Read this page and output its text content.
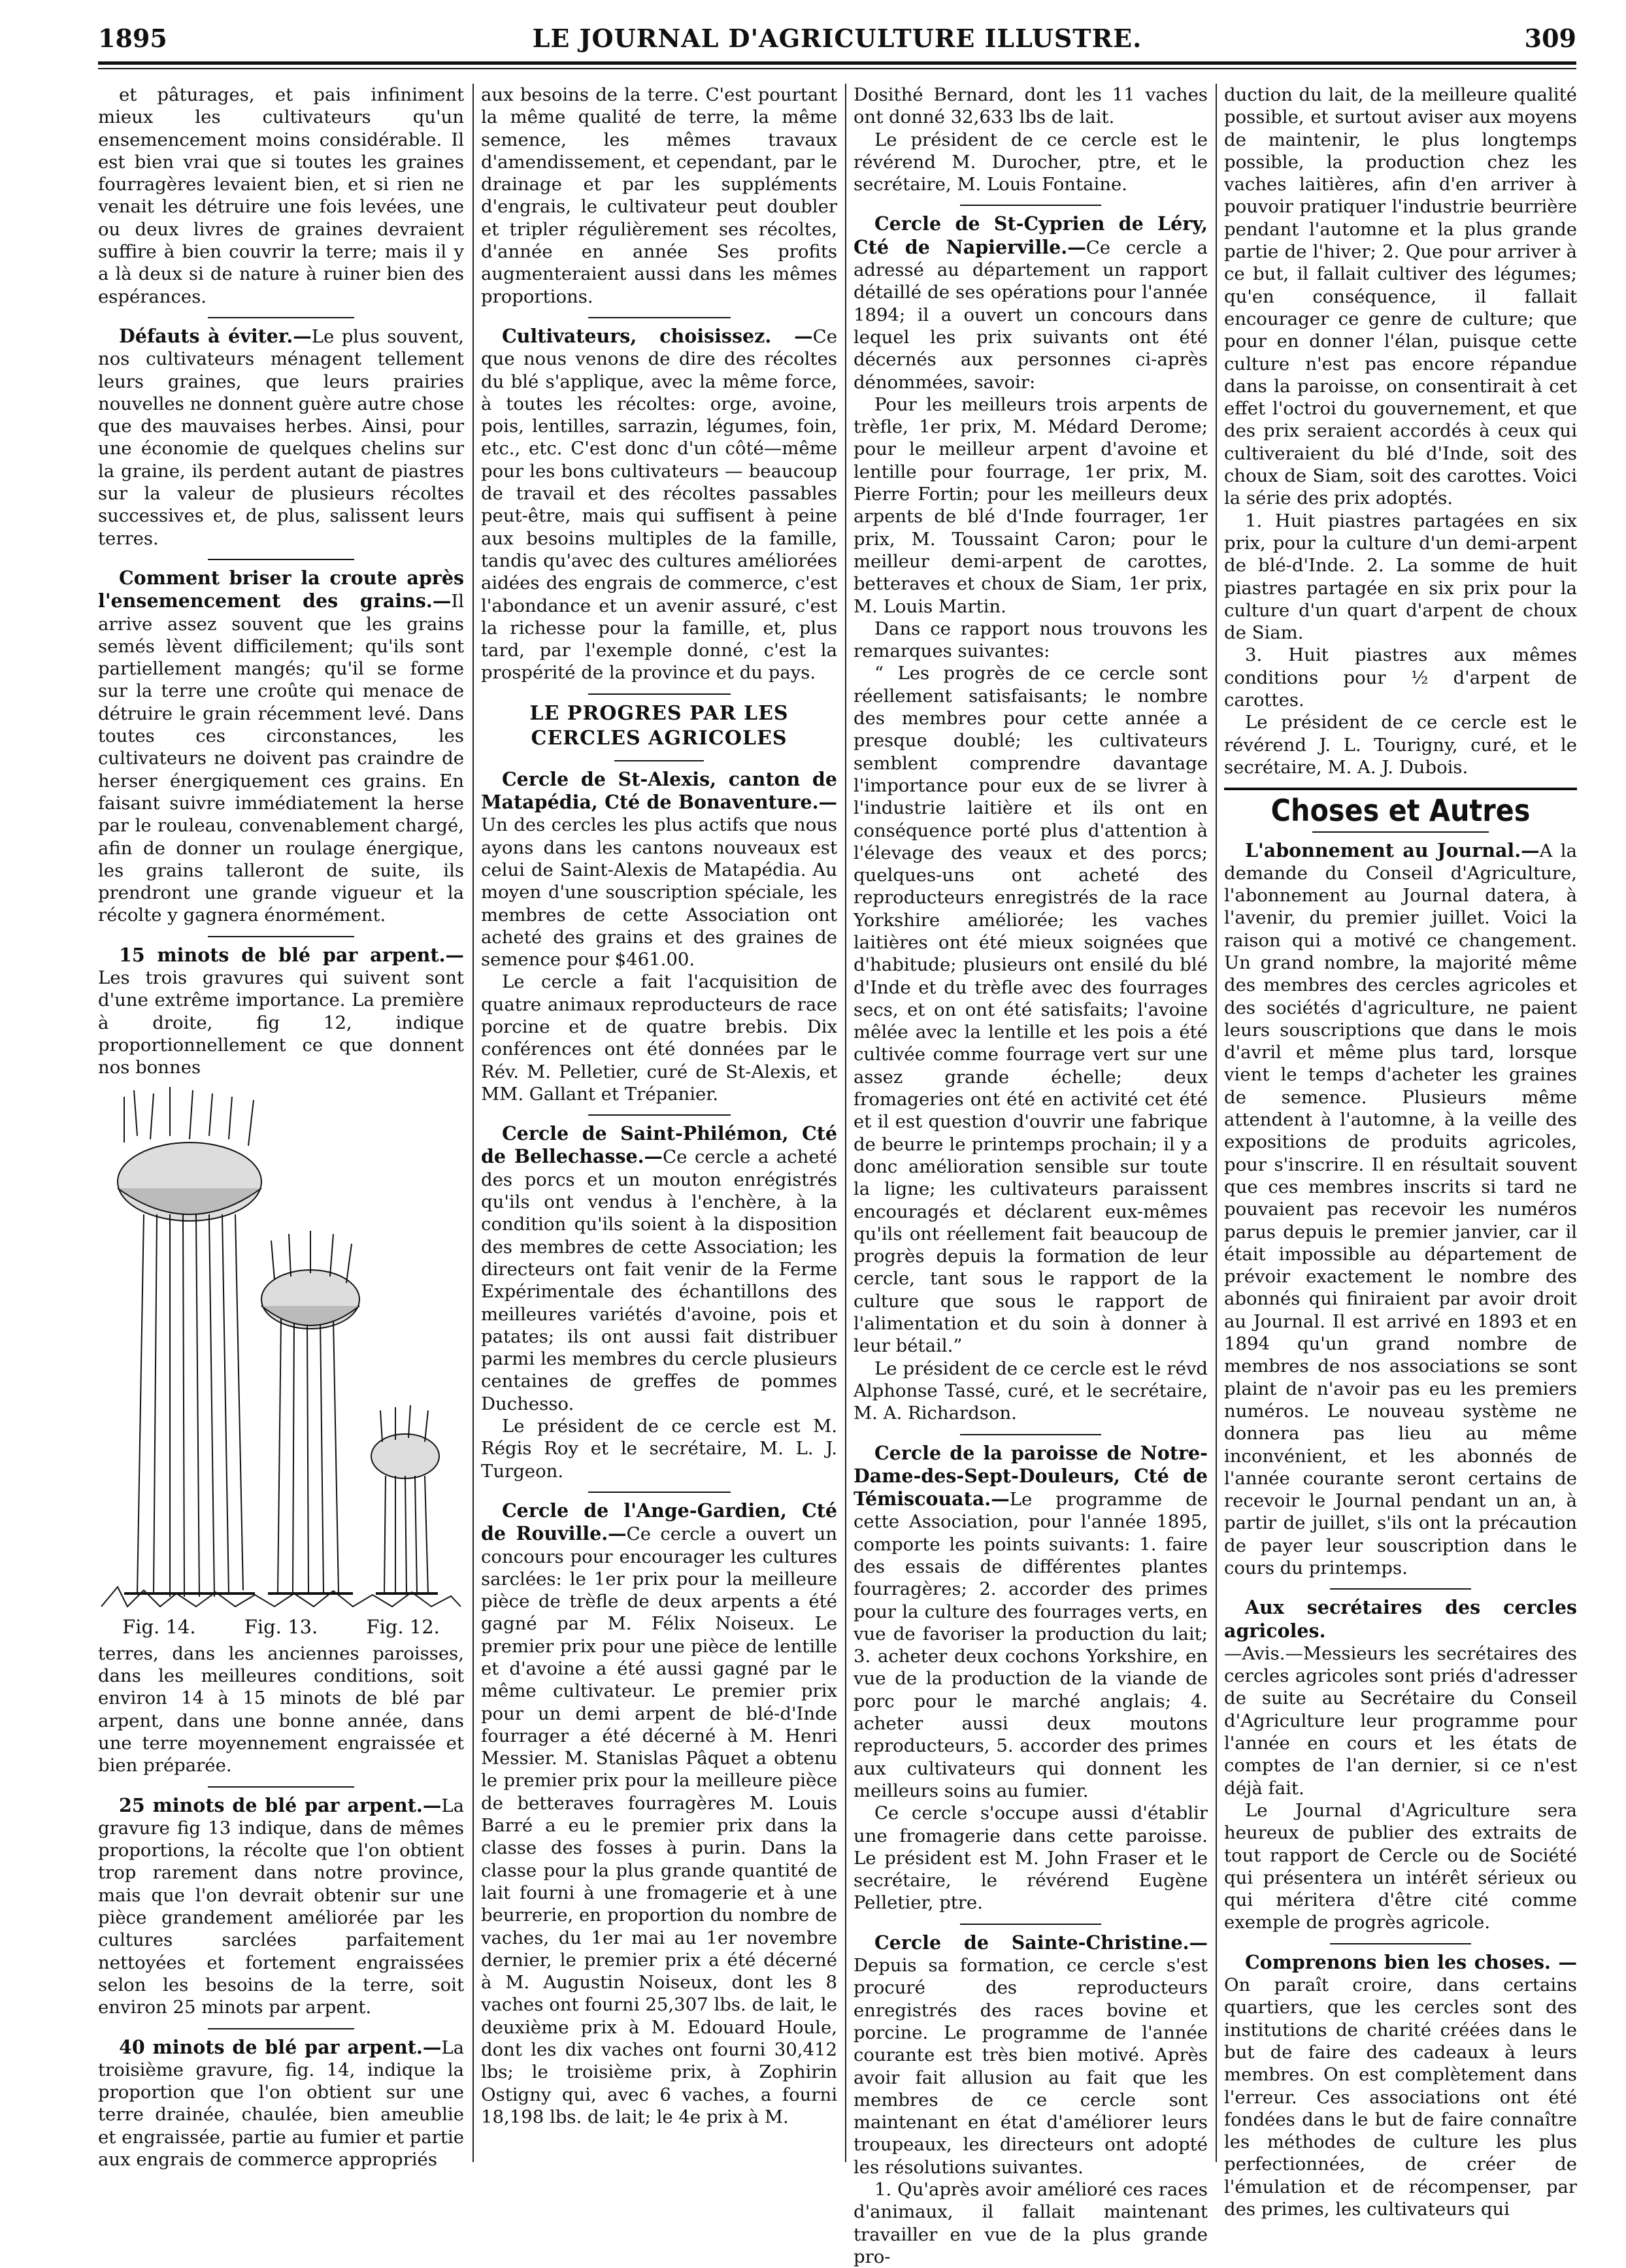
1895	LE JOURNAL D'AGRICULTURE ILLUSTRE.	309

et pâturages, et pais infiniment mieux les cultivateurs qu'un ensemencement moins considérable. Il est bien vrai que si toutes les graines fourragères levaient bien, et si rien ne venait les détruire une fois levées, une ou deux livres de graines devraient suffire à bien couvrir la terre; mais il y a là deux si de nature à ruiner bien des espérances.

Défauts à éviter.—Le plus souvent, nos cultivateurs ménagent tellement leurs graines, que leurs prairies nouvelles ne donnent guère autre chose que des mauvaises herbes. Ainsi, pour une économie de quelques chelins sur la graine, ils perdent autant de piastres sur la valeur de plusieurs récoltes successives et, de plus, salissent leurs terres.

Comment briser la croute après l'ensemencement des grains.—Il arrive assez souvent que les grains semés lèvent difficilement; qu'ils sont partiellement mangés; qu'il se forme sur la terre une croûte qui menace de détruire le grain récemment levé. Dans toutes ces circonstances, les cultivateurs ne doivent pas craindre de herser énergiquement ces grains. En faisant suivre immédiatement la herse par le rouleau, convenablement chargé, afin de donner un roulage énergique, les grains talleront de suite, ils prendront une grande vigueur et la récolte y gagnera énormément.

15 minots de blé par arpent.—Les trois gravures qui suivent sont d'une extrême importance. La première à droite, fig 12, indique proportionnellement ce que donnent nos bonnes

Fig. 14.	Fig. 13.	Fig. 12.

terres, dans les anciennes paroisses, dans les meilleures conditions, soit environ 14 à 15 minots de blé par arpent, dans une bonne année, dans une terre moyennement engraissée et bien préparée.

25 minots de blé par arpent.—La gravure fig 13 indique, dans de mêmes proportions, la récolte que l'on obtient trop rarement dans notre province, mais que l'on devrait obtenir sur une pièce grandement améliorée par les cultures sarclées parfaitement nettoyées et fortement engraissées selon les besoins de la terre, soit environ 25 minots par arpent.

40 minots de blé par arpent.—La troisième gravure, fig. 14, indique la proportion que l'on obtient sur une terre drainée, chaulée, bien ameublie et engraissée, partie au fumier et partie aux engrais de commerce appropriés

aux besoins de la terre. C'est pourtant la même qualité de terre, la même semence, les mêmes travaux d'amendissement, et cependant, par le drainage et par les suppléments d'engrais, le cultivateur peut doubler et tripler régulièrement ses récoltes, d'année en année Ses profits augmenteraient aussi dans les mêmes proportions.

Cultivateurs, choisissez. —Ce que nous venons de dire des récoltes du blé s'applique, avec la même force, à toutes les récoltes: orge, avoine, pois, lentilles, sarrazin, légumes, foin, etc., etc. C'est donc d'un côté—même pour les bons cultivateurs — beaucoup de travail et des récoltes passables peut-être, mais qui suffisent à peine aux besoins multiples de la famille, tandis qu'avec des cultures améliorées aidées des engrais de commerce, c'est l'abondance et un avenir assuré, c'est la richesse pour la famille, et, plus tard, par l'exemple donné, c'est la prospérité de la province et du pays.

LE PROGRES PAR LES CERCLES AGRICOLES

Cercle de St-Alexis, canton de Matapédia, Cté de Bonaventure.—Un des cercles les plus actifs que nous ayons dans les cantons nouveaux est celui de Saint-Alexis de Matapédia. Au moyen d'une souscription spéciale, les membres de cette Association ont acheté des grains et des graines de semence pour $461.00.

Le cercle a fait l'acquisition de quatre animaux reproducteurs de race porcine et de quatre brebis. Dix conférences ont été données par le Rév. M. Pelletier, curé de St-Alexis, et MM. Gallant et Trépanier.

Cercle de Saint-Philémon, Cté de Bellechasse.—Ce cercle a acheté des porcs et un mouton enrégistrés qu'ils ont vendus à l'enchère, à la condition qu'ils soient à la disposition des membres de cette Association; les directeurs ont fait venir de la Ferme Expérimentale des échantillons des meilleures variétés d'avoine, pois et patates; ils ont aussi fait distribuer parmi les membres du cercle plusieurs centaines de greffes de pommes Duchesso.

Le président de ce cercle est M. Régis Roy et le secrétaire, M. L. J. Turgeon.

Cercle de l'Ange-Gardien, Cté de Rouville.—Ce cercle a ouvert un concours pour encourager les cultures sarclées: le 1er prix pour la meilleure pièce de trèfle de deux arpents a été gagné par M. Félix Noiseux. Le premier prix pour une pièce de lentille et d'avoine a été aussi gagné par le même cultivateur. Le premier prix pour un demi arpent de blé-d'Inde fourrager a été décerné à M. Henri Messier. M. Stanislas Pâquet a obtenu le premier prix pour la meilleure pièce de betteraves fourragères M. Louis Barré a eu le premier prix dans la classe des fosses à purin. Dans la classe pour la plus grande quantité de lait fourni à une fromagerie et à une beurrerie, en proportion du nombre de vaches, du 1er mai au 1er novembre dernier, le premier prix a été décerné à M. Augustin Noiseux, dont les 8 vaches ont fourni 25,307 lbs. de lait, le deuxième prix à M. Edouard Houle, dont les dix vaches ont fourni 30,412 lbs; le troisième prix, à Zophirin Ostigny qui, avec 6 vaches, a fourni 18,198 lbs. de lait; le 4e prix à M.

Dosithé Bernard, dont les 11 vaches ont donné 32,633 lbs de lait.

Le président de ce cercle est le révérend M. Durocher, ptre, et le secrétaire, M. Louis Fontaine.

Cercle de St-Cyprien de Léry, Cté de Napierville.—Ce cercle a adressé au département un rapport détaillé de ses opérations pour l'année 1894; il a ouvert un concours dans lequel les prix suivants ont été décernés aux personnes ci-après dénommées, savoir:

Pour les meilleurs trois arpents de trèfle, 1er prix, M. Médard Derome; pour le meilleur arpent d'avoine et lentille pour fourrage, 1er prix, M. Pierre Fortin; pour les meilleurs deux arpents de blé d'Inde fourrager, 1er prix, M. Toussaint Caron; pour le meilleur demi-arpent de carottes, betteraves et choux de Siam, 1er prix, M. Louis Martin.

Dans ce rapport nous trouvons les remarques suivantes:

“ Les progrès de ce cercle sont réellement satisfaisants; le nombre des membres pour cette année a presque doublé; les cultivateurs semblent comprendre davantage l'importance pour eux de se livrer à l'industrie laitière et ils ont en conséquence porté plus d'attention à l'élevage des veaux et des porcs; quelques-uns ont acheté des reproducteurs enregistrés de la race Yorkshire améliorée; les vaches laitières ont été mieux soignées que d'habitude; plusieurs ont ensilé du blé d'Inde et du trèfle avec des fourrages secs, et on ont été satisfaits; l'avoine mêlée avec la lentille et les pois a été cultivée comme fourrage vert sur une assez grande échelle; deux fromageries ont été en activité cet été et il est question d'ouvrir une fabrique de beurre le printemps prochain; il y a donc amélioration sensible sur toute la ligne; les cultivateurs paraissent encouragés et déclarent eux-mêmes qu'ils ont réellement fait beaucoup de progrès depuis la formation de leur cercle, tant sous le rapport de la culture que sous le rapport de l'alimentation et du soin à donner à leur bétail.”

Le président de ce cercle est le révd Alphonse Tassé, curé, et le secrétaire, M. A. Richardson.

Cercle de la paroisse de Notre-Dame-des-Sept-Douleurs, Cté de Témiscouata.—Le programme de cette Association, pour l'année 1895, comporte les points suivants: 1. faire des essais de différentes plantes fourragères; 2. accorder des primes pour la culture des fourrages verts, en vue de favoriser la production du lait; 3. acheter deux cochons Yorkshire, en vue de la production de la viande de porc pour le marché anglais; 4. acheter aussi deux moutons reproducteurs, 5. accorder des primes aux cultivateurs qui donnent les meilleurs soins au fumier.

Ce cercle s'occupe aussi d'établir une fromagerie dans cette paroisse. Le président est M. John Fraser et le secrétaire, le révérend Eugène Pelletier, ptre.

Cercle de Sainte-Christine.—Depuis sa formation, ce cercle s'est procuré des reproducteurs enregistrés des races bovine et porcine. Le programme de l'année courante est très bien motivé. Après avoir fait allusion au fait que les membres de ce cercle sont maintenant en état d'améliorer leurs troupeaux, les directeurs ont adopté les résolutions suivantes.

1. Qu'après avoir amélioré ces races d'animaux, il fallait maintenant travailler en vue de la plus grande pro-

duction du lait, de la meilleure qualité possible, et surtout aviser aux moyens de maintenir, le plus longtemps possible, la production chez les vaches laitières, afin d'en arriver à pouvoir pratiquer l'industrie beurrière pendant l'automne et la plus grande partie de l'hiver; 2. Que pour arriver à ce but, il fallait cultiver des légumes; qu'en conséquence, il fallait encourager ce genre de culture; que pour en donner l'élan, puisque cette culture n'est pas encore répandue dans la paroisse, on consentirait à cet effet l'octroi du gouvernement, et que des prix seraient accordés à ceux qui cultiveraient du blé d'Inde, soit des choux de Siam, soit des carottes. Voici la série des prix adoptés.

1. Huit piastres partagées en six prix, pour la culture d'un demi-arpent de blé-d'Inde. 2. La somme de huit piastres partagée en six prix pour la culture d'un quart d'arpent de choux de Siam.

3. Huit piastres aux mêmes conditions pour ½ d'arpent de carottes.

Le président de ce cercle est le révérend J. L. Tourigny, curé, et le secrétaire, M. A. J. Dubois.

Choses et Autres

L'abonnement au Journal.—A la demande du Conseil d'Agriculture, l'abonnement au Journal datera, à l'avenir, du premier juillet. Voici la raison qui a motivé ce changement. Un grand nombre, la majorité même des membres des cercles agricoles et des sociétés d'agriculture, ne paient leurs souscriptions que dans le mois d'avril et même plus tard, lorsque vient le temps d'acheter les graines de semence. Plusieurs même attendent à l'automne, à la veille des expositions de produits agricoles, pour s'inscrire. Il en résultait souvent que ces membres inscrits si tard ne pouvaient pas recevoir les numéros parus depuis le premier janvier, car il était impossible au département de prévoir exactement le nombre des abonnés qui finiraient par avoir droit au Journal. Il est arrivé en 1893 et en 1894 qu'un grand nombre de membres de nos associations se sont plaint de n'avoir pas eu les premiers numéros. Le nouveau système ne donnera pas lieu au même inconvénient, et les abonnés de l'année courante seront certains de recevoir le Journal pendant un an, à partir de juillet, s'ils ont la précaution de payer leur souscription dans le cours du printemps.

Aux secrétaires des cercles agricoles.

—Avis.—Messieurs les secrétaires des cercles agricoles sont priés d'adresser de suite au Secrétaire du Conseil d'Agriculture leur programme pour l'année en cours et les états de comptes de l'an dernier, si ce n'est déjà fait.

Le Journal d'Agriculture sera heureux de publier des extraits de tout rapport de Cercle ou de Société qui présentera un intérêt sérieux ou qui méritera d'être cité comme exemple de progrès agricole.

Comprenons bien les choses. —On paraît croire, dans certains quartiers, que les cercles sont des institutions de charité créées dans le but de faire des cadeaux à leurs membres. On est complètement dans l'erreur. Ces associations ont été fondées dans le but de faire connaître les méthodes de culture les plus perfectionnées, de créer de l'émulation et de récompenser, par des primes, les cultivateurs qui
